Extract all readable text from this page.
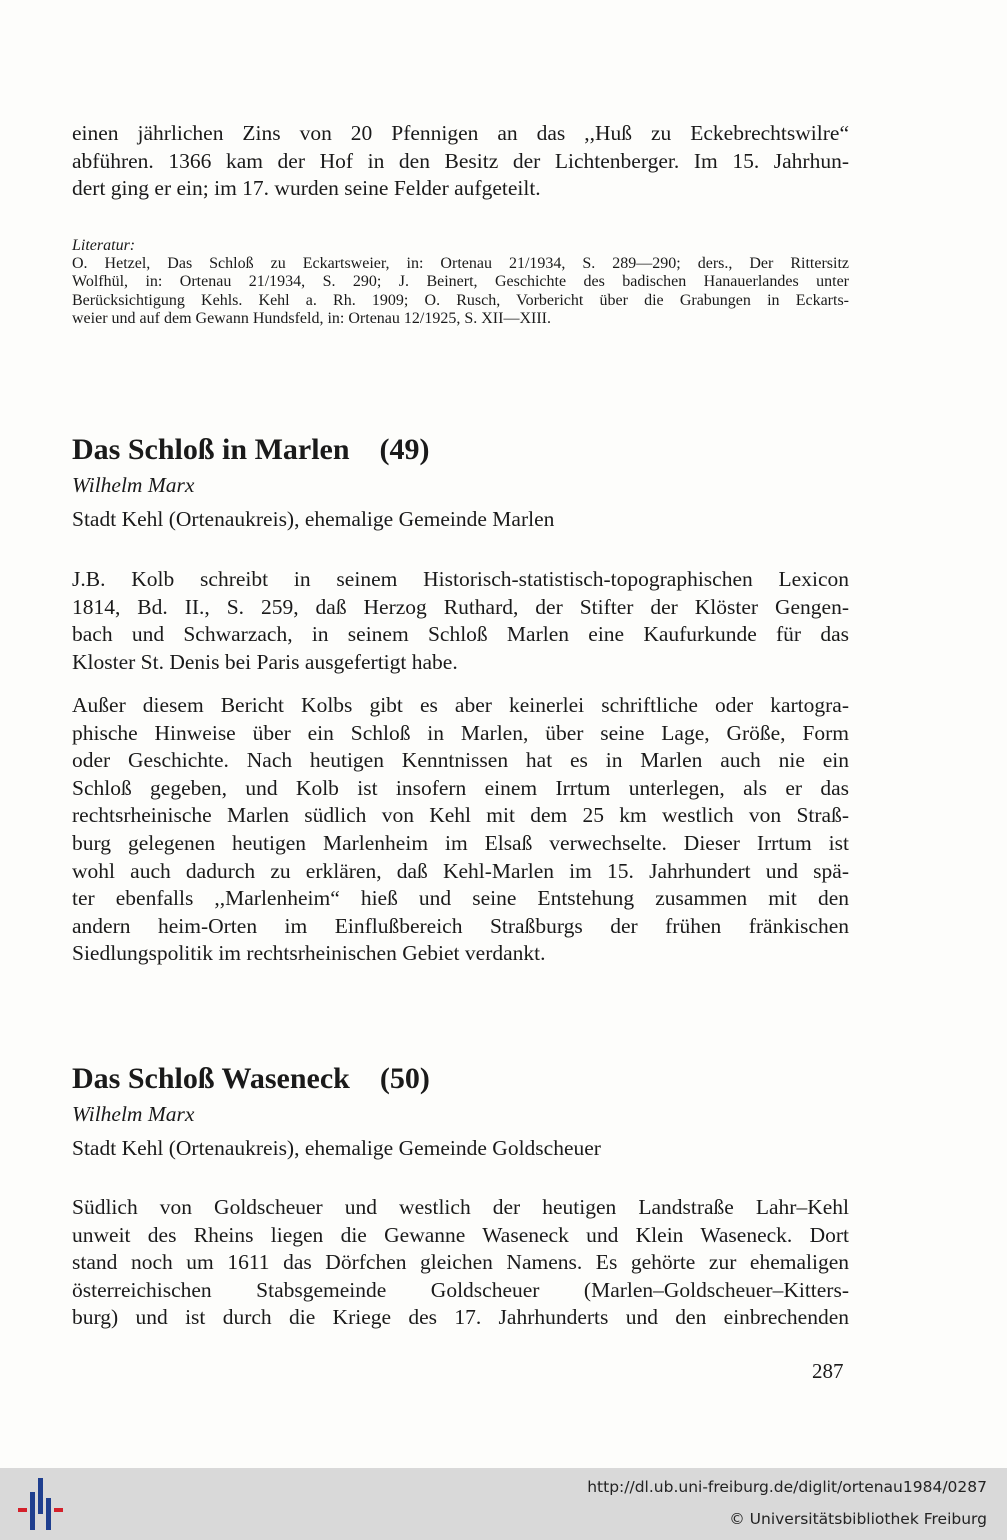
einen jährlichen Zins von 20 Pfennigen an das ,,Huß zu Eckebrechtswilre“
abführen. 1366 kam der Hof in den Besitz der Lichtenberger. Im 15. Jahrhun-
dert ging er ein; im 17. wurden seine Felder aufgeteilt.
Literatur:
O. Hetzel, Das Schloß zu Eckartsweier, in: Ortenau 21/1934, S. 289—290; ders., Der Rittersitz
Wolfhül, in: Ortenau 21/1934, S. 290; J. Beinert, Geschichte des badischen Hanauerlandes unter
Berücksichtigung Kehls. Kehl a. Rh. 1909; O. Rusch, Vorbericht über die Grabungen in Eckarts-
weier und auf dem Gewann Hundsfeld, in: Ortenau 12/1925, S. XII—XIII.
Das Schloß in Marlen (49)
Wilhelm Marx
Stadt Kehl (Ortenaukreis), ehemalige Gemeinde Marlen
J.B. Kolb schreibt in seinem Historisch-statistisch-topographischen Lexicon
1814, Bd. II., S. 259, daß Herzog Ruthard, der Stifter der Klöster Gengen-
bach und Schwarzach, in seinem Schloß Marlen eine Kaufurkunde für das
Kloster St. Denis bei Paris ausgefertigt habe.
Außer diesem Bericht Kolbs gibt es aber keinerlei schriftliche oder kartogra-
phische Hinweise über ein Schloß in Marlen, über seine Lage, Größe, Form
oder Geschichte. Nach heutigen Kenntnissen hat es in Marlen auch nie ein
Schloß gegeben, und Kolb ist insofern einem Irrtum unterlegen, als er das
rechtsrheinische Marlen südlich von Kehl mit dem 25 km westlich von Straß-
burg gelegenen heutigen Marlenheim im Elsaß verwechselte. Dieser Irrtum ist
wohl auch dadurch zu erklären, daß Kehl-Marlen im 15. Jahrhundert und spä-
ter ebenfalls ,,Marlenheim“ hieß und seine Entstehung zusammen mit den
andern heim-Orten im Einflußbereich Straßburgs der frühen fränkischen
Siedlungspolitik im rechtsrheinischen Gebiet verdankt.
Das Schloß Waseneck (50)
Wilhelm Marx
Stadt Kehl (Ortenaukreis), ehemalige Gemeinde Goldscheuer
Südlich von Goldscheuer und westlich der heutigen Landstraße Lahr–Kehl
unweit des Rheins liegen die Gewanne Waseneck und Klein Waseneck. Dort
stand noch um 1611 das Dörfchen gleichen Namens. Es gehörte zur ehemaligen
österreichischen Stabsgemeinde Goldscheuer (Marlen–Goldscheuer–Kitters-
burg) und ist durch die Kriege des 17. Jahrhunderts und den einbrechenden
287
http://dl.ub.uni-freiburg.de/diglit/ortenau1984/0287
© Universitätsbibliothek Freiburg
